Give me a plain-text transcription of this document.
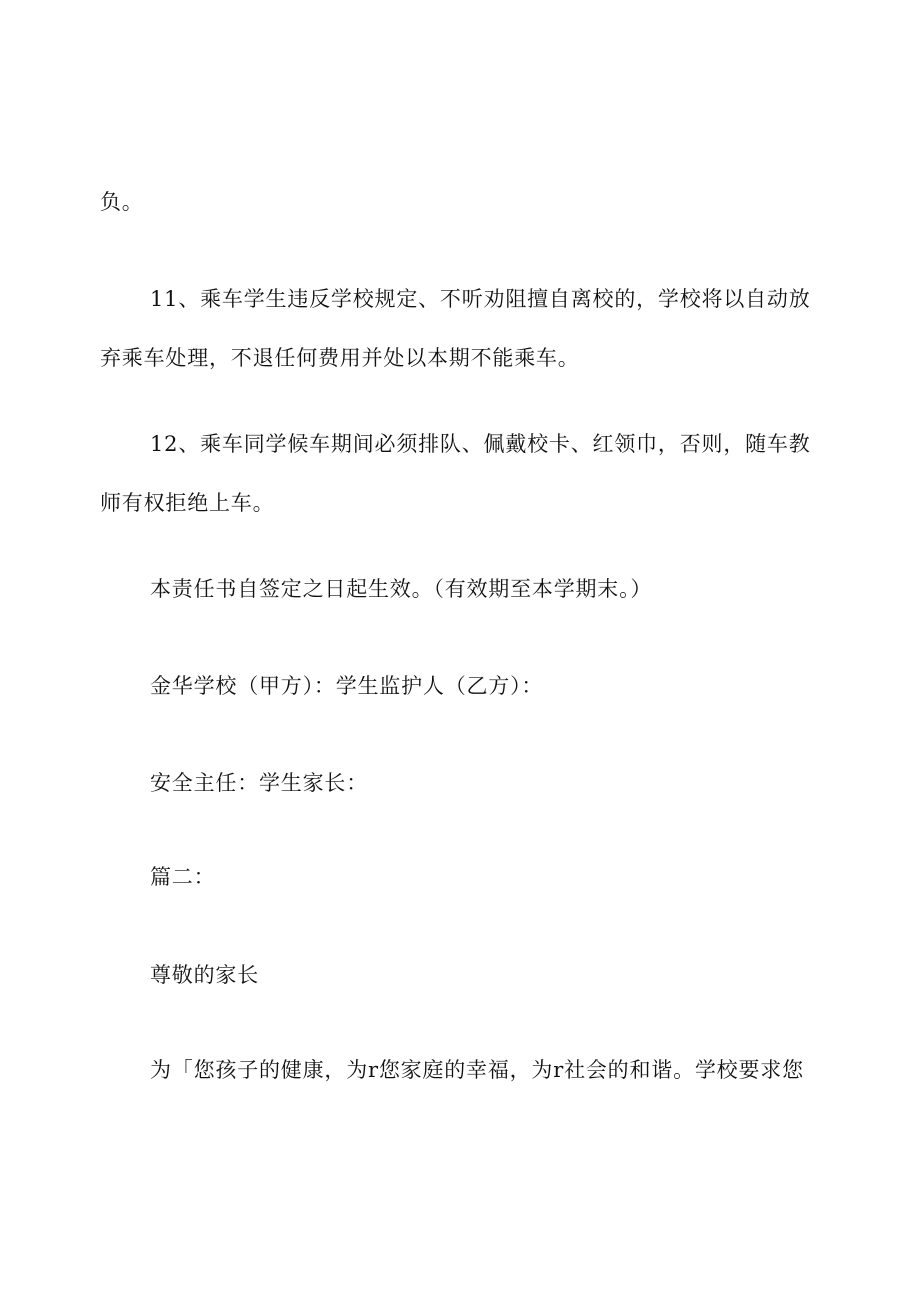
负。

11、乘车学生违反学校规定、不听劝阻擅自离校的，学校将以自动放

弃乘车处理，不退任何费用并处以本期不能乘车。

12、乘车同学候车期间必须排队、佩戴校卡、红领巾，否则，随车教

师有权拒绝上车。

本责任书自签定之日起生效。（有效期至本学期末。）

金华学校（甲方）：学生监护人（乙方）：

安全主任：学生家长：

篇二：

尊敬的家长

为「您孩子的健康，为r您家庭的幸福，为r社会的和谐。学校要求您
